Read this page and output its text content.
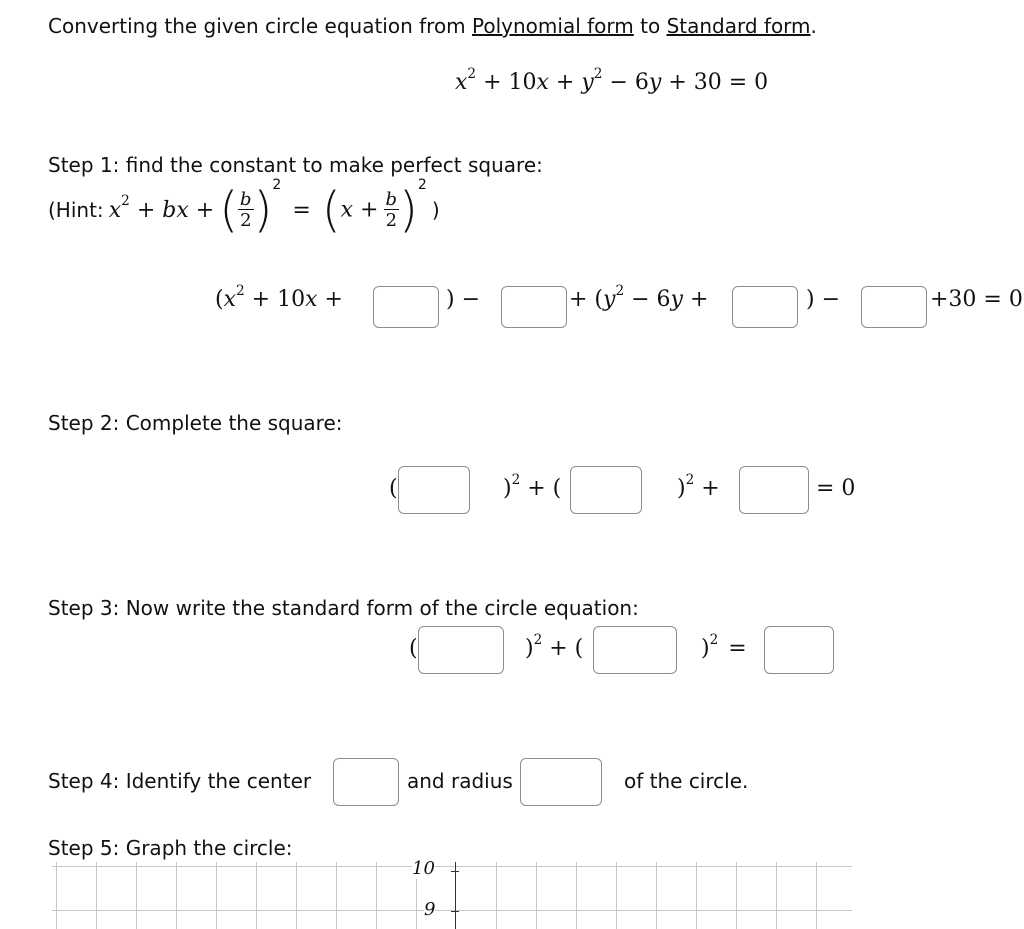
Converting the given circle equation from Polynomial form to Standard form.
$x^2 + 10x + y^2 - 6y + 30 = 0$
Step 1: find the constant to make perfect square:
(Hint: $x^2$ + bx + ( $\frac{b}{2} )2 = (x + \frac{b}{2} )2$ )
($x^2 + 10x$ +	) −	+ ($y^2 - 6y$ +	) −	+30 = 0
Step 2: Complete the square:
(	)$^2$ + (	)$^2$ +	= 0
Step 3: Now write the standard form of the circle equation:
(	)$^2$ + (	)$^2$ =
Step 4: Identify the center	and radius	of the circle.
Step 5: Graph the circle:
10
9
